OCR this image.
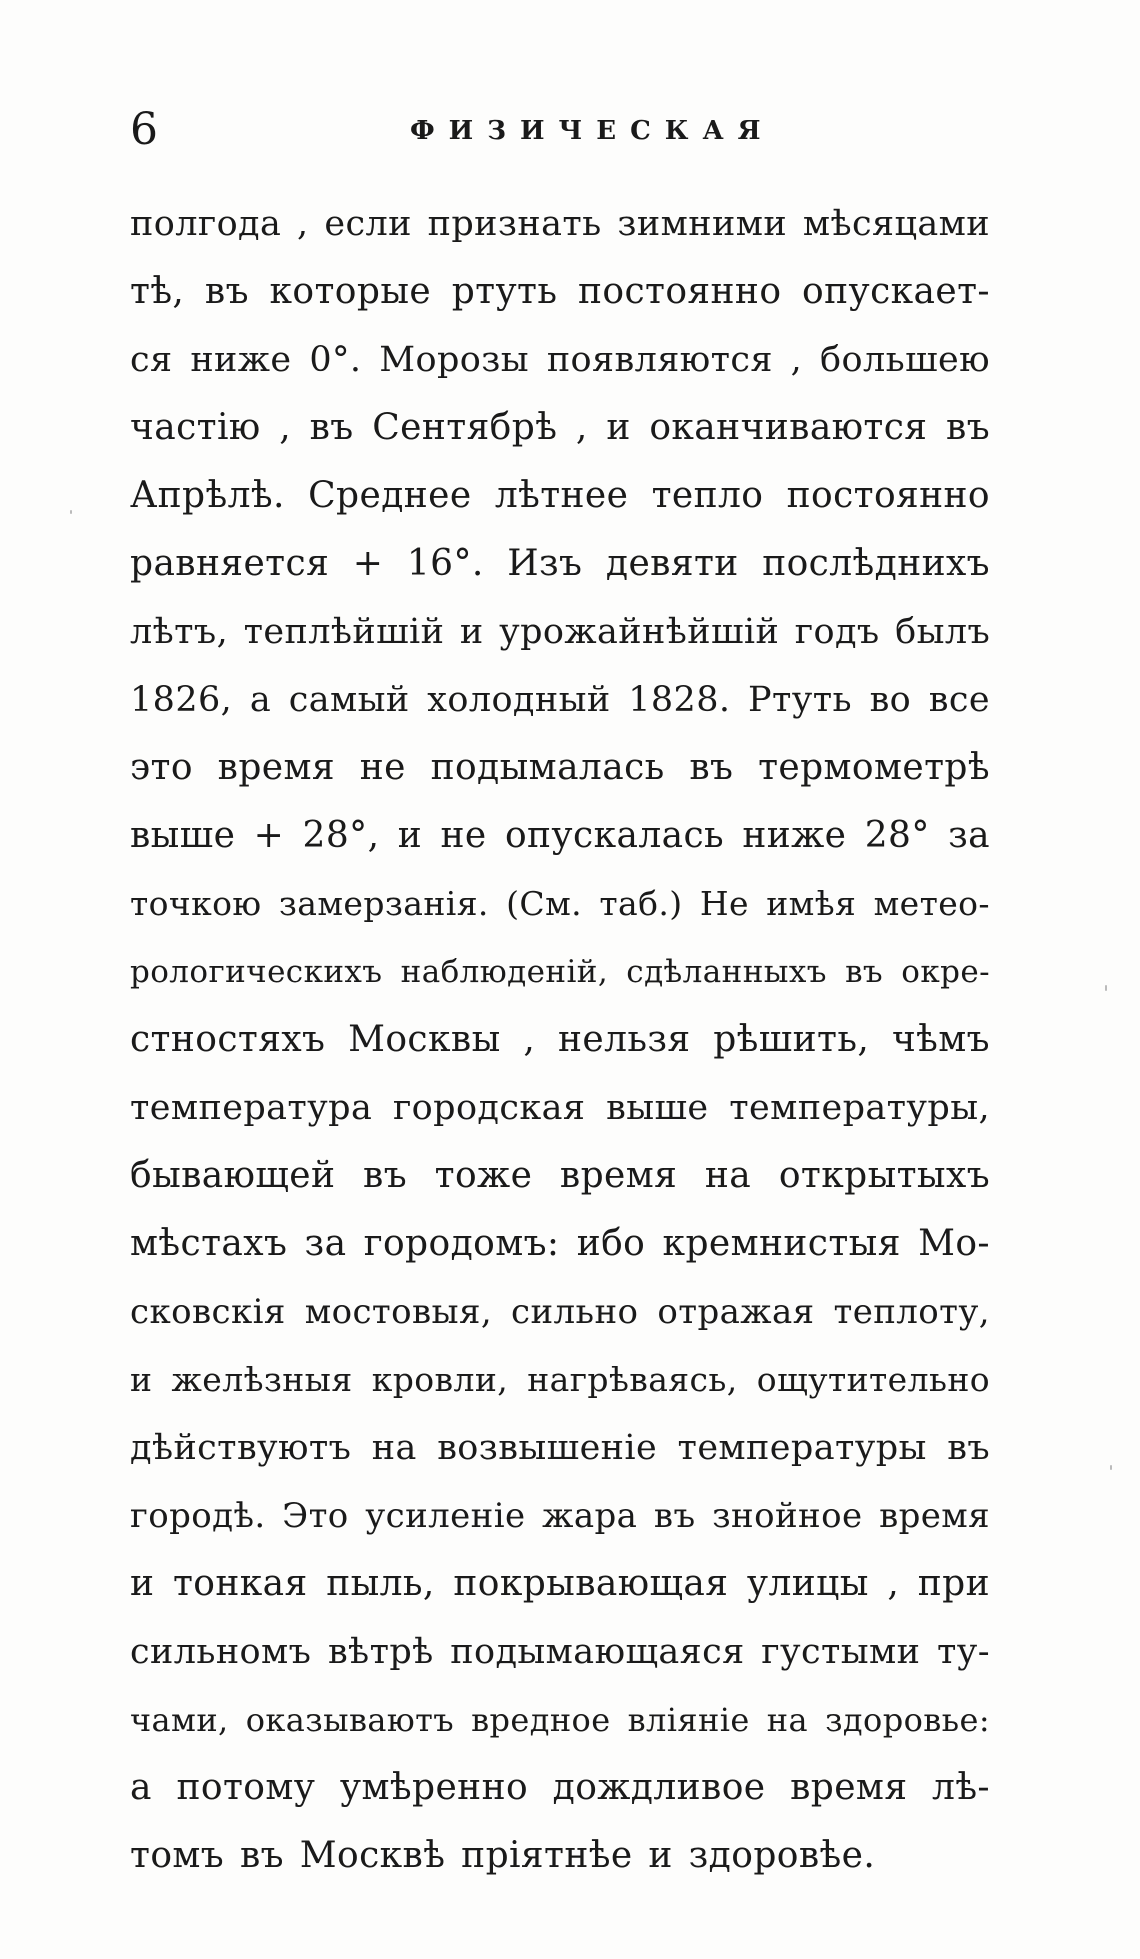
6	ФИЗИЧЕСКАЯ
полгода , если признать зимними мѣсяцами
тѣ, въ которые ртуть постоянно опускает-
ся ниже 0°. Морозы появляются , большею
частію , въ Сентябрѣ , и оканчиваются въ
Апрѣлѣ. Среднее лѣтнее тепло постоянно
равняется + 16°. Изъ девяти послѣднихъ
лѣтъ, теплѣйшій и урожайнѣйшій годъ былъ
1826, а самый холодный 1828. Ртуть во все
это время не подымалась въ термометрѣ
выше + 28°, и не опускалась ниже 28° за
точкою замерзанія. (См. таб.) Не имѣя метео-
рологическихъ наблюденій, сдѣланныхъ въ окре-
стностяхъ Москвы , нельзя рѣшить, чѣмъ
температура городская выше температуры,
бывающей въ тоже время на открытыхъ
мѣстахъ за городомъ: ибо кремнистыя Мо-
сковскія мостовыя, сильно отражая теплоту,
и желѣзныя кровли, нагрѣваясь, ощутительно
дѣйствуютъ на возвышеніе температуры въ
городѣ. Это усиленіе жара въ знойное время
и тонкая пыль, покрывающая улицы , при
сильномъ вѣтрѣ подымающаяся густыми ту-
чами, оказываютъ вредное вліяніе на здоровье:
а потому умѣренно дождливое время лѣ-
томъ въ Москвѣ пріятнѣе и здоровѣе.
